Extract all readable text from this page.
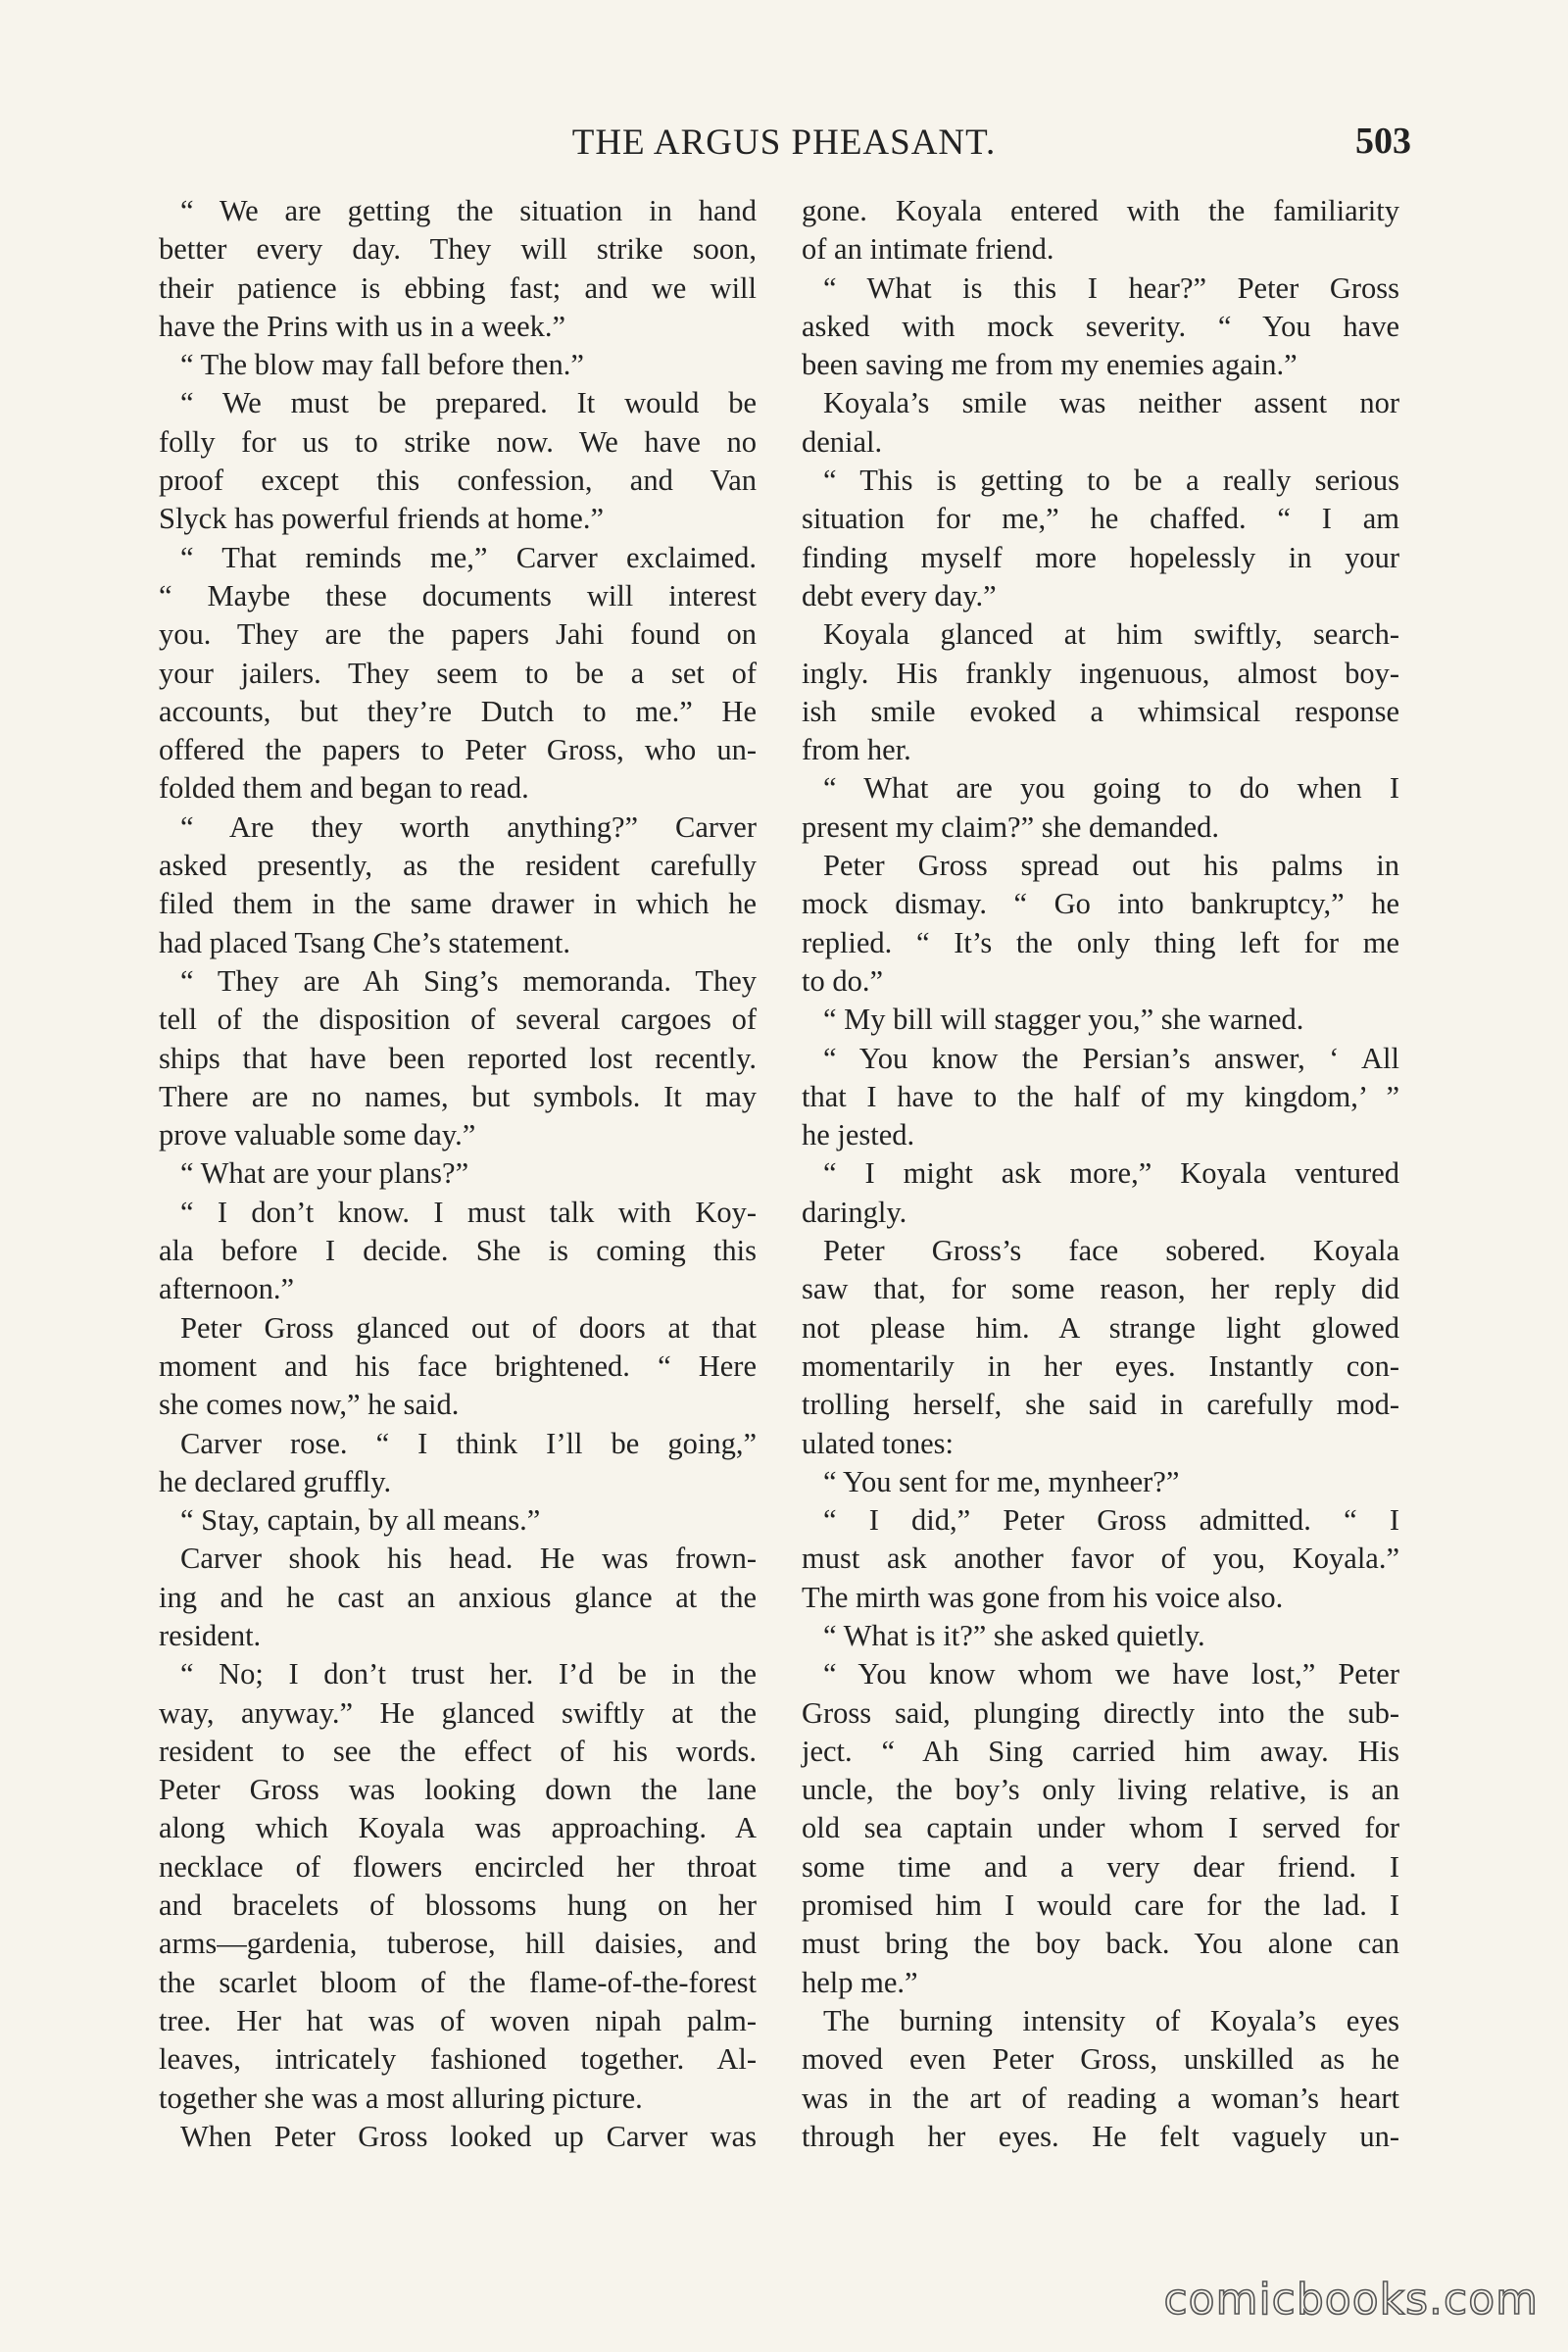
THE ARGUS PHEASANT.	503
“ We are getting the situation in hand
better every day. They will strike soon,
their patience is ebbing fast; and we will
have the Prins with us in a week.”
“ The blow may fall before then.”
“ We must be prepared. It would be
folly for us to strike now. We have no
proof except this confession, and Van
Slyck has powerful friends at home.”
“ That reminds me,” Carver exclaimed.
“ Maybe these documents will interest
you. They are the papers Jahi found on
your jailers. They seem to be a set of
accounts, but they’re Dutch to me.” He
offered the papers to Peter Gross, who un-
folded them and began to read.
“ Are they worth anything?” Carver
asked presently, as the resident carefully
filed them in the same drawer in which he
had placed Tsang Che’s statement.
“ They are Ah Sing’s memoranda. They
tell of the disposition of several cargoes of
ships that have been reported lost recently.
There are no names, but symbols. It may
prove valuable some day.”
“ What are your plans?”
“ I don’t know. I must talk with Koy-
ala before I decide. She is coming this
afternoon.”
Peter Gross glanced out of doors at that
moment and his face brightened. “ Here
she comes now,” he said.
Carver rose. “ I think I’ll be going,”
he declared gruffly.
“ Stay, captain, by all means.”
Carver shook his head. He was frown-
ing and he cast an anxious glance at the
resident.
“ No; I don’t trust her. I’d be in the
way, anyway.” He glanced swiftly at the
resident to see the effect of his words.
Peter Gross was looking down the lane
along which Koyala was approaching. A
necklace of flowers encircled her throat
and bracelets of blossoms hung on her
arms—gardenia, tuberose, hill daisies, and
the scarlet bloom of the flame-of-the-forest
tree. Her hat was of woven nipah palm-
leaves, intricately fashioned together. Al-
together she was a most alluring picture.
When Peter Gross looked up Carver was
gone. Koyala entered with the familiarity
of an intimate friend.
“ What is this I hear?” Peter Gross
asked with mock severity. “ You have
been saving me from my enemies again.”
Koyala’s smile was neither assent nor
denial.
“ This is getting to be a really serious
situation for me,” he chaffed. “ I am
finding myself more hopelessly in your
debt every day.”
Koyala glanced at him swiftly, search-
ingly. His frankly ingenuous, almost boy-
ish smile evoked a whimsical response
from her.
“ What are you going to do when I
present my claim?” she demanded.
Peter Gross spread out his palms in
mock dismay. “ Go into bankruptcy,” he
replied. “ It’s the only thing left for me
to do.”
“ My bill will stagger you,” she warned.
“ You know the Persian’s answer, ‘ All
that I have to the half of my kingdom,’ ”
he jested.
“ I might ask more,” Koyala ventured
daringly.
Peter Gross’s face sobered. Koyala
saw that, for some reason, her reply did
not please him. A strange light glowed
momentarily in her eyes. Instantly con-
trolling herself, she said in carefully mod-
ulated tones:
“ You sent for me, mynheer?”
“ I did,” Peter Gross admitted. “ I
must ask another favor of you, Koyala.”
The mirth was gone from his voice also.
“ What is it?” she asked quietly.
“ You know whom we have lost,” Peter
Gross said, plunging directly into the sub-
ject. “ Ah Sing carried him away. His
uncle, the boy’s only living relative, is an
old sea captain under whom I served for
some time and a very dear friend. I
promised him I would care for the lad. I
must bring the boy back. You alone can
help me.”
The burning intensity of Koyala’s eyes
moved even Peter Gross, unskilled as he
was in the art of reading a woman’s heart
through her eyes. He felt vaguely un-
comicbooks.com
